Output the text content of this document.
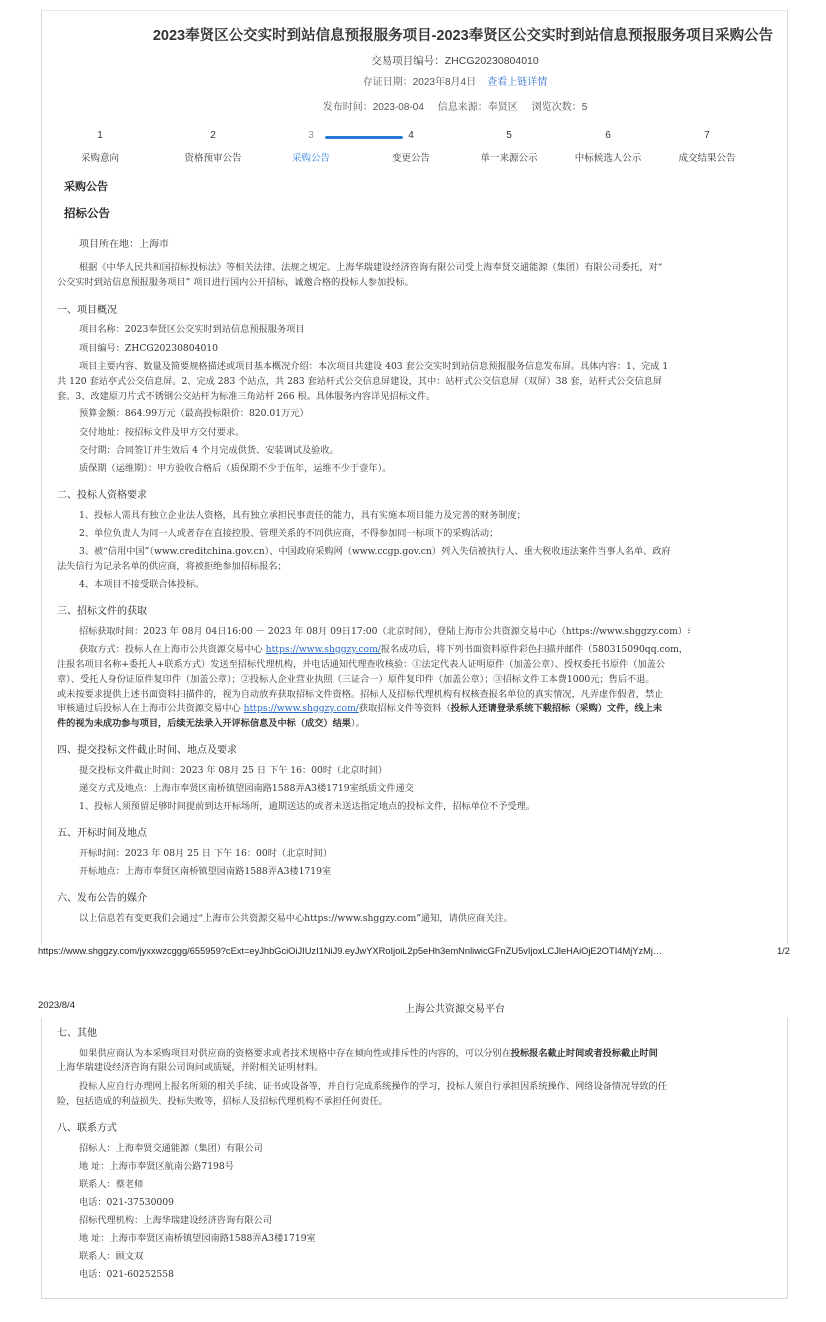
2023奉贤区公交实时到站信息预报服务项目-2023奉贤区公交实时到站信息预报服务项目采购公告
交易项目编号：ZHCG20230804010
存证日期：2023年8月4日 查看上链详情
发布时间：2023-08-04 信息来源：奉贤区 浏览次数：5
1
采购意向
2
资格预审公告
3
采购公告
4
变更公告
5
单一来源公示
6
中标候选人公示
7
成交结果公告
采购公告
招标公告
项目所在地：上海市
根据《中华人民共和国招标投标法》等相关法律、法规之规定。上海华瑞建设经济咨询有限公司受上海奉贤交通能源（集团）有限公司委托，对“
公交实时到站信息预报服务项目” 项目进行国内公开招标，诚邀合格的投标人参加投标。
一、项目概况
项目名称：2023奉贤区公交实时到站信息预报服务项目
项目编号：ZHCG20230804010
项目主要内容、数量及简要规格描述或项目基本概况介绍：本次项目共建设 403 套公交实时到站信息预报服务信息发布屏。具体内容：1、完成 1
共 120 套站亭式公交信息屏。2、完成 283 个站点，共 283 套站杆式公交信息屏建设，其中：站杆式公交信息屏（双屏）38 套，站杆式公交信息屏
套。3、改建原刀片式不锈钢公交站杆为标准三角站杆 266 根。具体服务内容详见招标文件。
预算金额：864.99万元（最高投标限价：820.01万元）
交付地址：按招标文件及甲方交付要求。
交付期：合同签订并生效后 4 个月完成供货、安装调试及验收。
质保期（运维期）：甲方验收合格后（质保期不少于伍年，运维不少于壹年）。
二、投标人资格要求
1、投标人需具有独立企业法人资格，具有独立承担民事责任的能力，具有实施本项目能力及完善的财务制度；
2、单位负责人为同一人或者存在直接控股、管理关系的不同供应商，不得参加同一标项下的采购活动；
3、被“信用中国”（www.creditchina.gov.cn）、中国政府采购网（www.ccgp.gov.cn）列入失信被执行人、重大税收违法案件当事人名单、政府
法失信行为记录名单的供应商，将被拒绝参加招标报名；
4、本项目不接受联合体投标。
三、招标文件的获取
招标获取时间：2023 年 08月 04日16:00 － 2023 年 08月 09日17:00（北京时间），登陆上海市公共资源交易中心（https://www.shggzy.com）፣
获取方式：投标人在上海市公共资源交易中心 https://www.shggzy.com/报名成功后，将下列书面资料原件彩色扫描并邮件（580315090qq.com，
注报名项目名称+委托人+联系方式）发送至招标代理机构，并电话通知代理查收核验：①法定代表人证明原件（加盖公章）、授权委托书原件（加盖公
章）、受托人身份证原件复印件（加盖公章）；②投标人企业营业执照（三证合一）原件复印件（加盖公章）；③招标文件工本费1000元；售后不退。
或未按要求提供上述书面资料扫描件的，视为自动放弃获取招标文件资格。招标人及招标代理机构有权核查报名单位的真实情况，凡弄虚作假者，禁止
审核通过后投标人在上海市公共资源交易中心 https://www.shggzy.com/获取招标文件等资料（投标人还请登录系统下载招标（采购）文件，线上未
件的视为未成功参与项目，后续无法录入开评标信息及中标（成交）结果）。
四、提交投标文件截止时间、地点及要求
提交投标文件截止时间：2023 年 08月 25 日 下午 16：00时（北京时间）
递交方式及地点：上海市奉贤区南桥镇望园南路1588弄A3楼1719室纸质文件递交
1、投标人须预留足够时间提前到达开标场所，逾期送达的或者未送达指定地点的投标文件，招标单位不予受理。
五、开标时间及地点
开标时间：2023 年 08月 25 日 下午 16：00时（北京时间）
开标地点：上海市奉贤区南桥镇望园南路1588弄A3楼1719室
六、发布公告的媒介
以上信息若有变更我们会通过“上海市公共资源交易中心https://www.shggzy.com”通知，请供应商关注。
https://www.shggzy.com/jyxxwzcggg/655959?cExt=eyJhbGciOiJIUzI1NiJ9.eyJwYXRoIjoiL2p5eHh3emNnliwicGFnZU5vIjoxLCJleHAiOjE2OTI4MjYzMj…	1/2
2023/8/4	上海公共资源交易平台
七、其他
如果供应商认为本采购项目对供应商的资格要求或者技术规格中存在倾向性或排斥性的内容的，可以分别在投标报名截止时间或者投标截止时间
上海华瑞建设经济咨询有限公司询问或质疑，并附相关证明材料。
投标人应自行办理网上报名所须的相关手续、证书或设备等，并自行完成系统操作的学习，投标人须自行承担因系统操作、网络设备情况导致的任
险，包括造成的利益损失、投标失败等，招标人及招标代理机构不承担任何责任。
八、联系方式
招标人：上海奉贤交通能源（集团）有限公司
地 址：上海市奉贤区航南公路7198号
联系人：蔡老师
电话：021-37530009
招标代理机构：上海华瑞建设经济咨询有限公司
地 址：上海市奉贤区南桥镇望园南路1588弄A3楼1719室
联系人：顾文双
电话：021-60252558
